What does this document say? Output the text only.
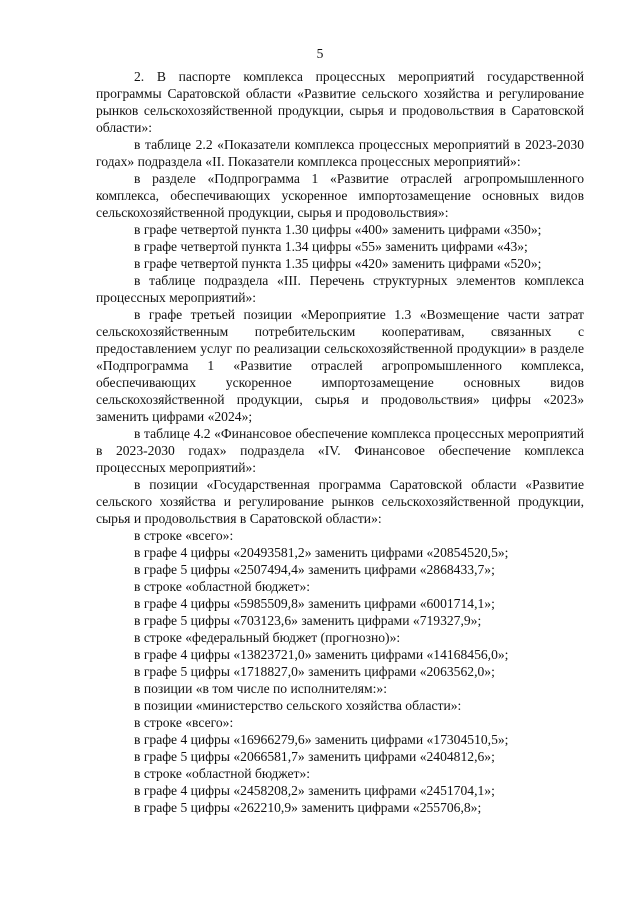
5

2. В паспорте комплекса процессных мероприятий государственной программы Саратовской области «Развитие сельского хозяйства и регулирование рынков сельскохозяйственной продукции, сырья и продовольствия в Саратовской области»:

в таблице 2.2 «Показатели комплекса процессных мероприятий в 2023-2030 годах» подраздела «II. Показатели комплекса процессных мероприятий»:

в разделе «Подпрограмма 1 «Развитие отраслей агропромышленного комплекса, обеспечивающих ускоренное импортозамещение основных видов сельскохозяйственной продукции, сырья и продовольствия»:

в графе четвертой пункта 1.30 цифры «400» заменить цифрами «350»;

в графе четвертой пункта 1.34 цифры «55» заменить цифрами «43»;

в графе четвертой пункта 1.35 цифры «420» заменить цифрами «520»;

в таблице подраздела «III. Перечень структурных элементов комплекса процессных мероприятий»:

в графе третьей позиции «Мероприятие 1.3 «Возмещение части затрат сельскохозяйственным потребительским кооперативам, связанных с предоставлением услуг по реализации сельскохозяйственной продукции» в разделе «Подпрограмма 1 «Развитие отраслей агропромышленного комплекса, обеспечивающих ускоренное импортозамещение основных видов сельскохозяйственной продукции, сырья и продовольствия» цифры «2023» заменить цифрами «2024»;

в таблице 4.2 «Финансовое обеспечение комплекса процессных мероприятий в 2023-2030 годах» подраздела «IV. Финансовое обеспечение комплекса процессных мероприятий»:

в позиции «Государственная программа Саратовской области «Развитие сельского хозяйства и регулирование рынков сельскохозяйственной продукции, сырья и продовольствия в Саратовской области»:

в строке «всего»:

в графе 4 цифры «20493581,2» заменить цифрами «20854520,5»;

в графе 5 цифры «2507494,4» заменить цифрами «2868433,7»;

в строке «областной бюджет»:

в графе 4 цифры «5985509,8» заменить цифрами «6001714,1»;

в графе 5 цифры «703123,6» заменить цифрами «719327,9»;

в строке «федеральный бюджет (прогнозно)»:

в графе 4 цифры «13823721,0» заменить цифрами «14168456,0»;

в графе 5 цифры «1718827,0» заменить цифрами «2063562,0»;

в позиции «в том числе по исполнителям:»:

в позиции «министерство сельского хозяйства области»:

в строке «всего»:

в графе 4 цифры «16966279,6» заменить цифрами «17304510,5»;

в графе 5 цифры «2066581,7» заменить цифрами «2404812,6»;

в строке «областной бюджет»:

в графе 4 цифры «2458208,2» заменить цифрами «2451704,1»;

в графе 5 цифры «262210,9» заменить цифрами «255706,8»;
